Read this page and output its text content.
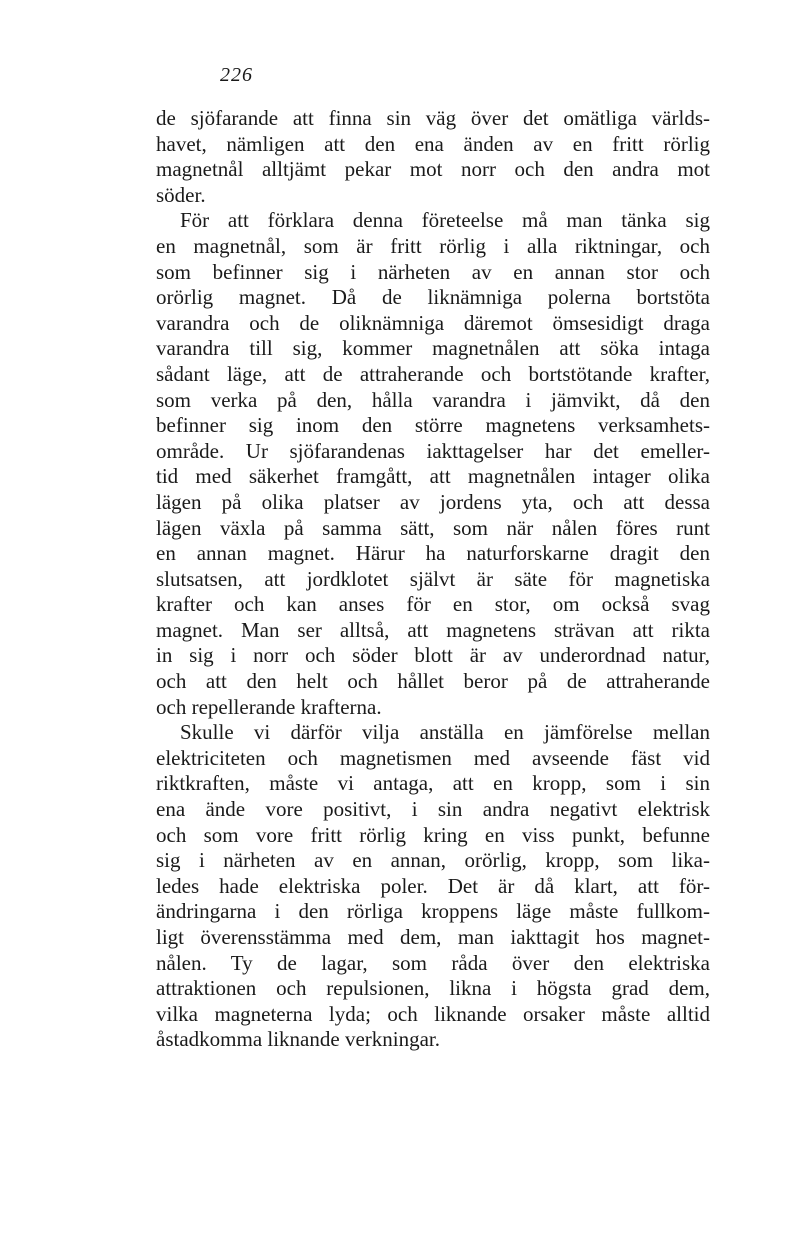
226
de sjöfarande att finna sin väg över det omätliga världs-
havet, nämligen att den ena änden av en fritt rörlig
magnetnål alltjämt pekar mot norr och den andra mot
söder.
För att förklara denna företeelse må man tänka sig
en magnetnål, som är fritt rörlig i alla riktningar, och
som befinner sig i närheten av en annan stor och
orörlig magnet. Då de liknämniga polerna bortstöta
varandra och de oliknämniga däremot ömsesidigt draga
varandra till sig, kommer magnetnålen att söka intaga
sådant läge, att de attraherande och bortstötande krafter,
som verka på den, hålla varandra i jämvikt, då den
befinner sig inom den större magnetens verksamhets-
område. Ur sjöfarandenas iakttagelser har det emeller-
tid med säkerhet framgått, att magnetnålen intager olika
lägen på olika platser av jordens yta, och att dessa
lägen växla på samma sätt, som när nålen föres runt
en annan magnet. Härur ha naturforskarne dragit den
slutsatsen, att jordklotet självt är säte för magnetiska
krafter och kan anses för en stor, om också svag
magnet. Man ser alltså, att magnetens strävan att rikta
in sig i norr och söder blott är av underordnad natur,
och att den helt och hållet beror på de attraherande
och repellerande krafterna.
Skulle vi därför vilja anställa en jämförelse mellan
elektriciteten och magnetismen med avseende fäst vid
riktkraften, måste vi antaga, att en kropp, som i sin
ena ände vore positivt, i sin andra negativt elektrisk
och som vore fritt rörlig kring en viss punkt, befunne
sig i närheten av en annan, orörlig, kropp, som lika-
ledes hade elektriska poler. Det är då klart, att för-
ändringarna i den rörliga kroppens läge måste fullkom-
ligt överensstämma med dem, man iakttagit hos magnet-
nålen. Ty de lagar, som råda över den elektriska
attraktionen och repulsionen, likna i högsta grad dem,
vilka magneterna lyda; och liknande orsaker måste alltid
åstadkomma liknande verkningar.
